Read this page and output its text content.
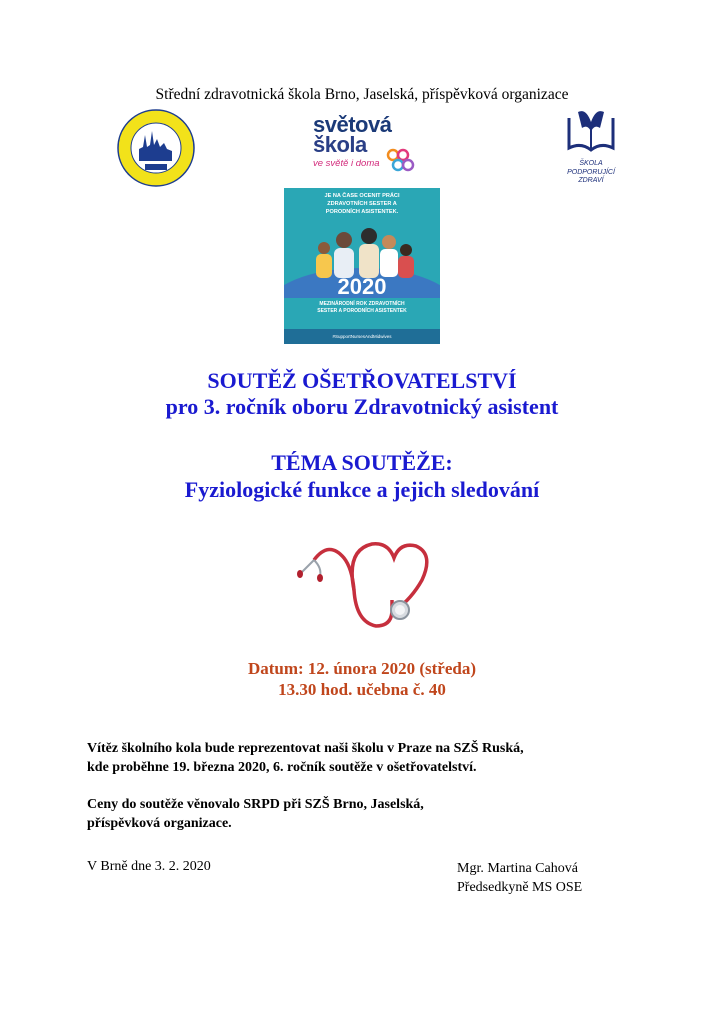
Střední zdravotnická škola Brno, Jaselská, příspěvková organizace
světová
škola
ve světě i doma	ŠKOLA
PODPORUJÍCÍ ZDRAVÍ
JE NA ČASE OCENIT PRÁCI
ZDRAVOTNÍCH SESTER A
PORODNÍCH ASISTENTEK.
2020
MEZINÁRODNÍ ROK ZDRAVOTNÍCH
SESTER A PORODNÍCH ASISTENTEK
#SupportNursesAndMidwives
SOUTĚŽ OŠETŘOVATELSTVÍ
pro 3. ročník oboru Zdravotnický asistent
TÉMA SOUTĚŽE:
Fyziologické funkce a jejich sledování
Datum: 12. února 2020 (středa)
13.30 hod. učebna č. 40
Vítěz školního kola bude reprezentovat naši školu v Praze na SZŠ Ruská,
kde proběhne 19. března 2020, 6. ročník soutěže v ošetřovatelství.
Ceny do soutěže věnovalo SRPD při SZŠ Brno, Jaselská,
příspěvková organizace.
V Brně dne 3. 2. 2020	Mgr. Martina Cahová
Předsedkyně MS OSE
